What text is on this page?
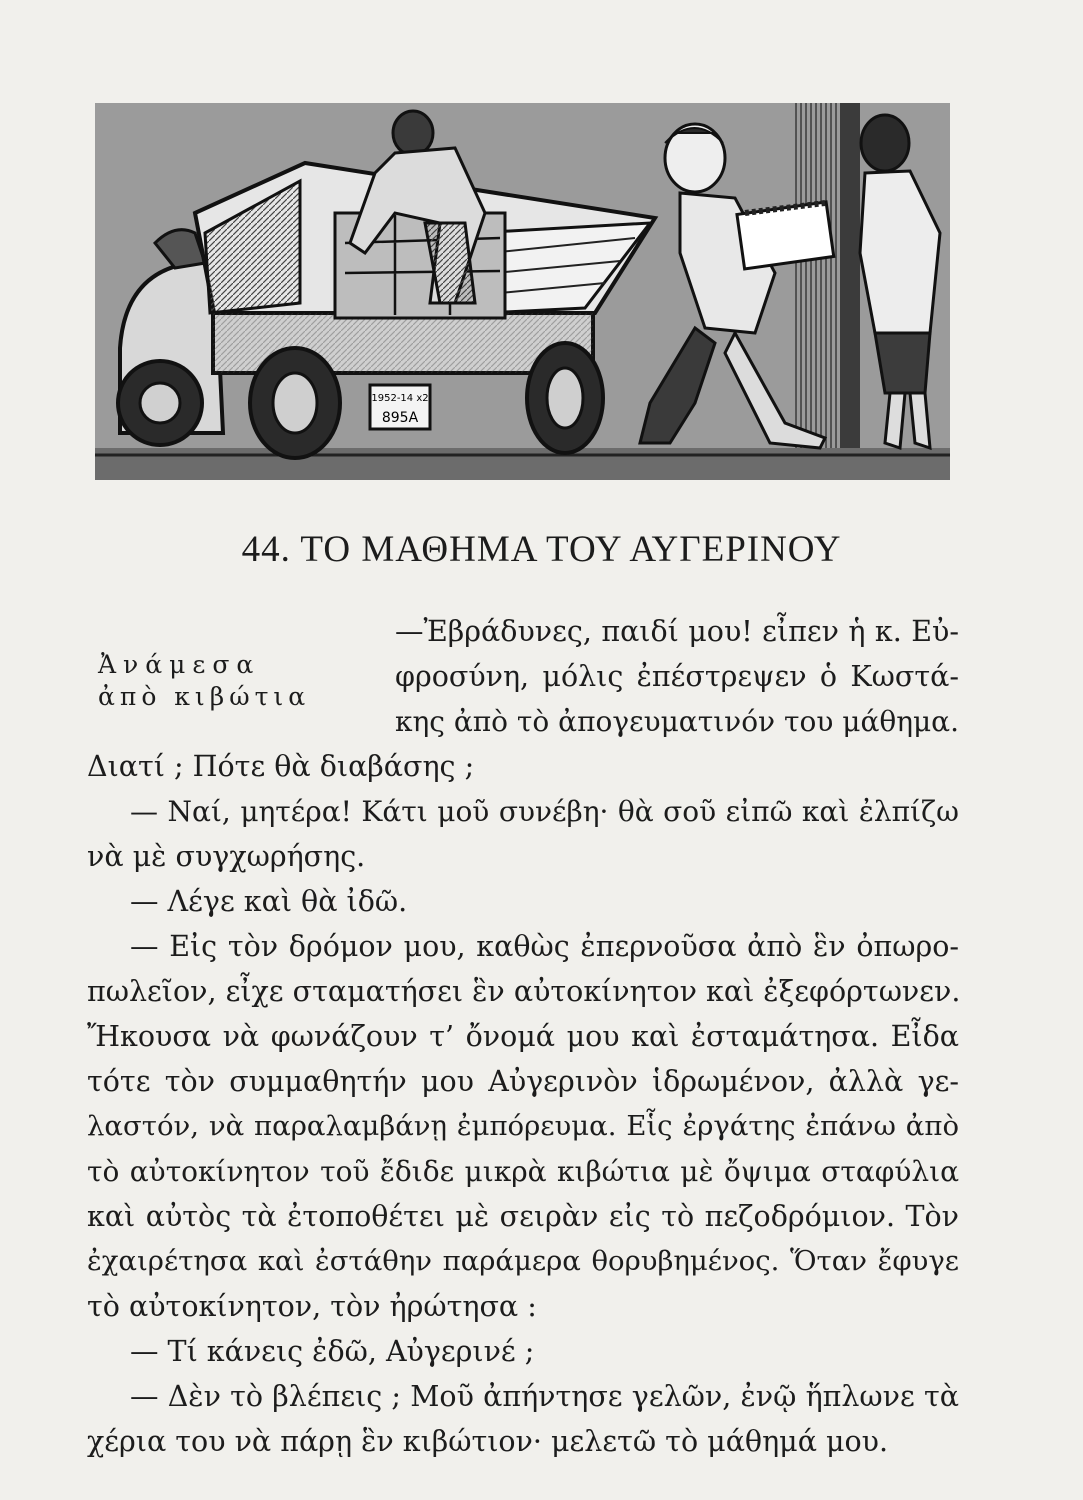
1952-14 x2
895A
44. ΤΟ ΜΑΘΗΜΑ ΤΟΥ ΑΥΓΕΡΙΝΟΥ
Ἀνάμεσα
ἀπὸ κιβώτια

—Ἐβράδυνες, παιδί μου! εἶπεν ἡ κ. Εὐ-

φροσύνη, μόλις ἐπέστρεψεν ὁ Κωστά-

κης ἀπὸ τὸ ἀπογευματινόν του μάθημα.

Διατί ; Πότε θὰ διαβάσης ;

— Ναί, μητέρα! Κάτι μοῦ συνέβη· θὰ σοῦ εἰπῶ καὶ ἐλπίζω

νὰ μὲ συγχωρήσης.

— Λέγε καὶ θὰ ἰδῶ.

— Εἰς τὸν δρόμον μου, καθὼς ἐπερνοῦσα ἀπὸ ἓν ὀπωρο-

πωλεῖον, εἶχε σταματήσει ἓν αὐτοκίνητον καὶ ἐξεφόρτωνεν.

Ἤκουσα νὰ φωνάζουν τ’ ὄνομά μου καὶ ἐσταμάτησα. Εἶδα

τότε τὸν συμμαθητήν μου Αὐγερινὸν ἱδρωμένον, ἀλλὰ γε-

λαστόν, νὰ παραλαμβάνῃ ἐμπόρευμα. Εἷς ἐργάτης ἐπάνω ἀπὸ

τὸ αὐτοκίνητον τοῦ ἔδιδε μικρὰ κιβώτια μὲ ὄψιμα σταφύλια

καὶ αὐτὸς τὰ ἐτοποθέτει μὲ σειρὰν εἰς τὸ πεζοδρόμιον. Τὸν

ἐχαιρέτησα καὶ ἐστάθην παράμερα θορυβημένος. Ὅταν ἔφυγε

τὸ αὐτοκίνητον, τὸν ἠρώτησα :

— Τί κάνεις ἐδῶ, Αὐγερινέ ;

— Δὲν τὸ βλέπεις ; Μοῦ ἀπήντησε γελῶν, ἐνῷ ἥπλωνε τὰ

χέρια του νὰ πάρῃ ἓν κιβώτιον· μελετῶ τὸ μάθημά μου.
